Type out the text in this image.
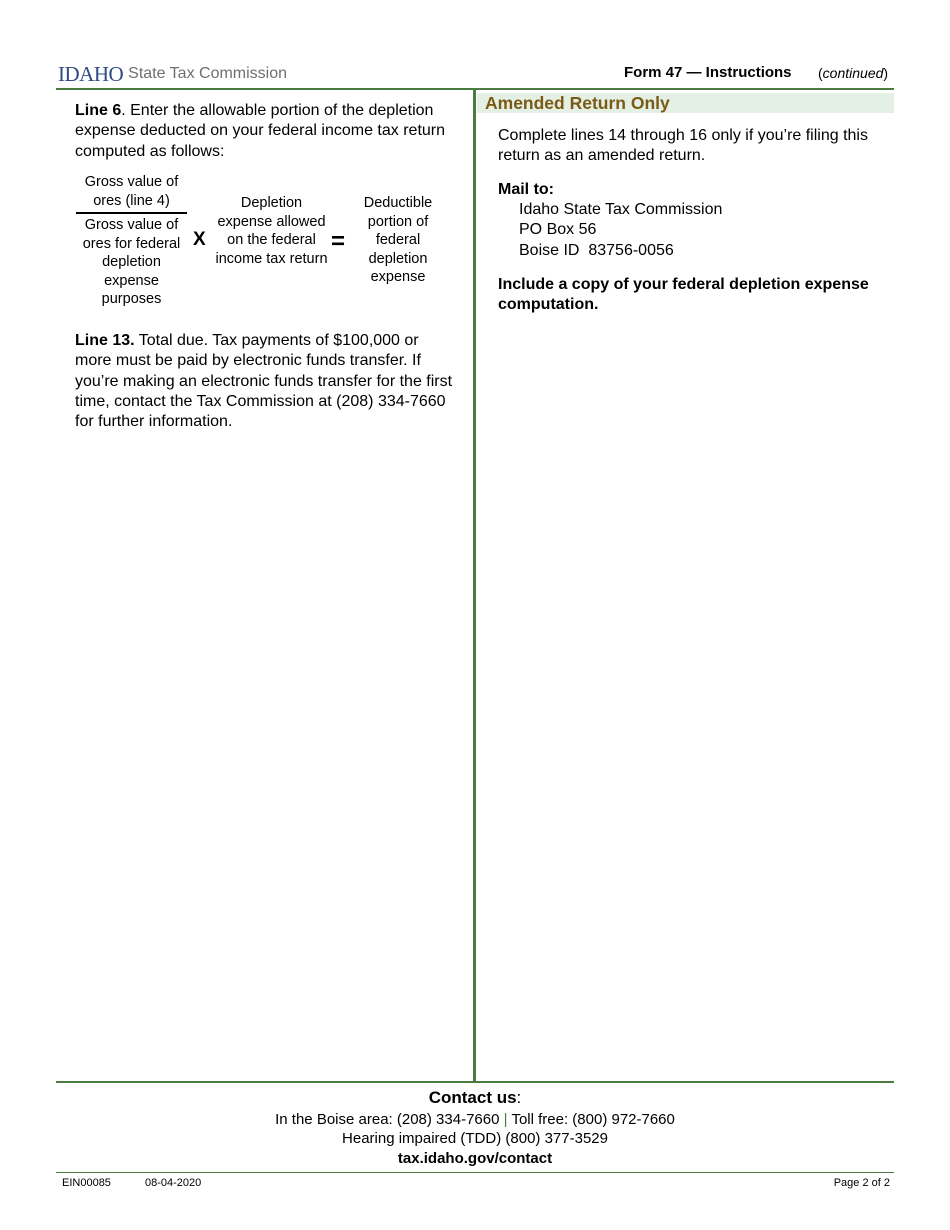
IDAHO State Tax Commission	Form 47 — Instructions (continued)
Line 6. Enter the allowable portion of the depletion expense deducted on your federal income tax return computed as follows:
Gross value of ores (line 4)
Gross value of ores for federal depletion expense purposes
X
Depletion expense allowed on the federal income tax return
=
Deductible portion of federal depletion expense
Line 13. Total due. Tax payments of $100,000 or more must be paid by electronic funds transfer. If you’re making an electronic funds transfer for the first time, contact the Tax Commission at (208) 334-7660 for further information.
Amended Return Only
Complete lines 14 through 16 only if you’re filing this return as an amended return.
Mail to:
Idaho State Tax Commission
PO Box 56
Boise ID  83756-0056
Include a copy of your federal depletion expense computation.
Contact us:
In the Boise area: (208) 334-7660 | Toll free: (800) 972-7660
Hearing impaired (TDD) (800) 377-3529
tax.idaho.gov/contact
EIN00085	08-04-2020	Page 2 of 2
